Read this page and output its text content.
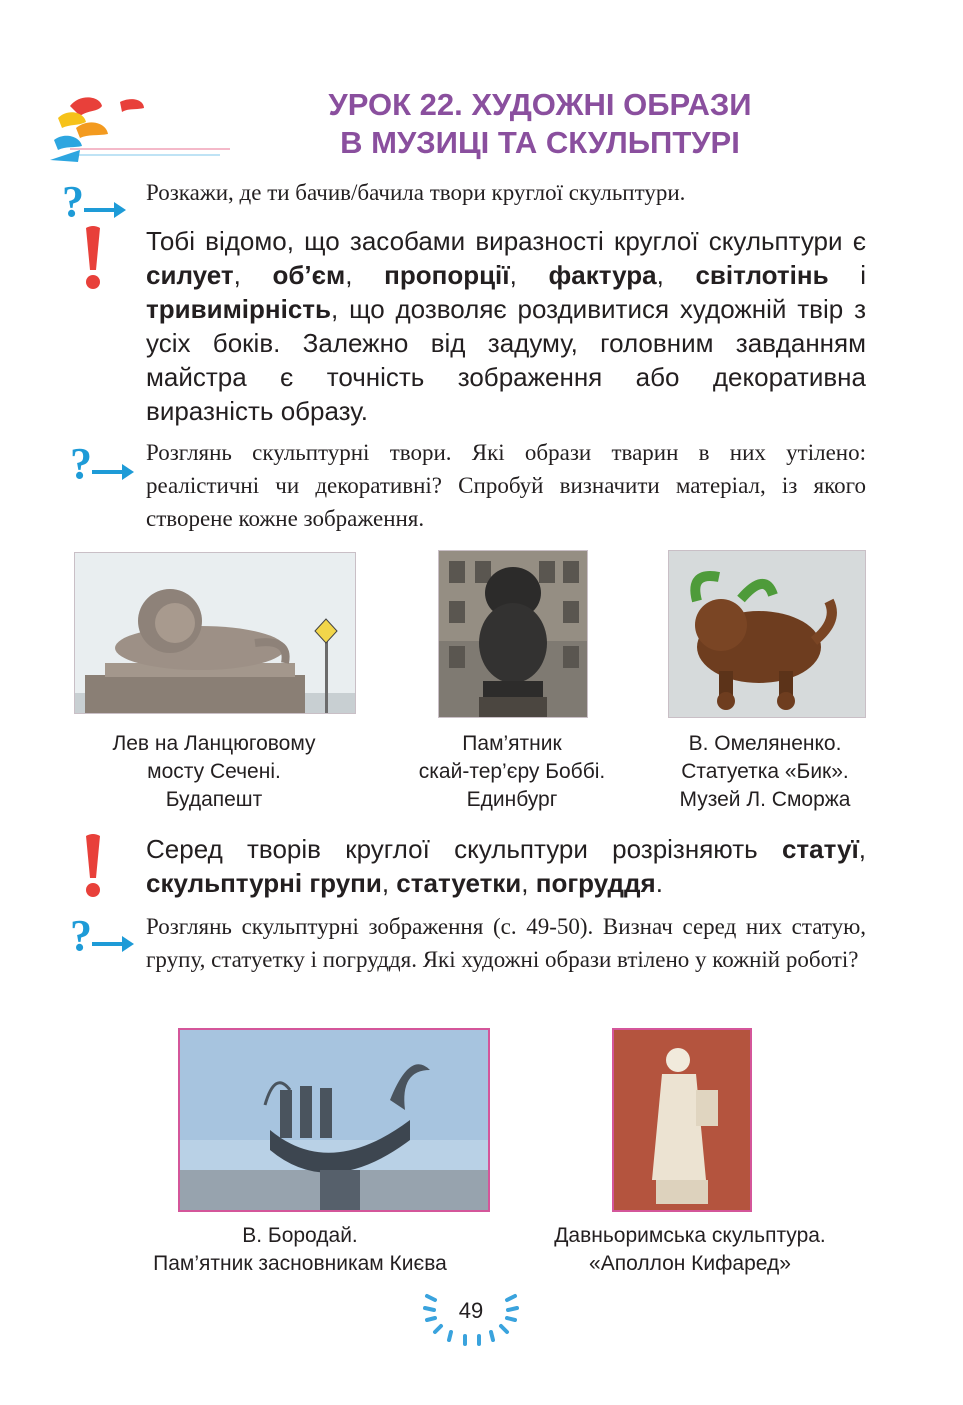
УРОК 22. ХУДОЖНІ ОБРАЗИ
В МУЗИЦІ ТА СКУЛЬПТУРІ
?	Розкажи, де ти бачив/бачила твори круглої скульптури.
Тобі відомо, що засобами виразності круглої скульптури є силует, об’єм, пропорції, фактура, світлотінь і тривимірність, що дозволяє роздивитися художній твір з усіх боків. Залежно від задуму, головним завданням майстра є точність зображення або декоративна виразність образу.
? Розглянь скульптурні твори. Які образи тварин в них утілено: реалістичні чи декоративні? Спробуй визначити матеріал, із якого створене кожне зображення.
Лев на Ланцюговому
мосту Сечені.
Будапешт
Пам’ятник
скай-тер’єру Боббі.
Единбург
В. Омеляненко.
Статуетка «Бик».
Музей Л. Сморжа
Серед творів круглої скульптури розрізняють статуї, скульптурні групи, статуетки, погруддя.
? Розглянь скульптурні зображення (с. 49-50). Визнач серед них статую, групу, статуетку і погруддя. Які художні образи втілено у кожній роботі?
В. Бородай.
Пам’ятник засновникам Києва
Давньоримська скульптура.
«Аполлон Кифаред»
49
